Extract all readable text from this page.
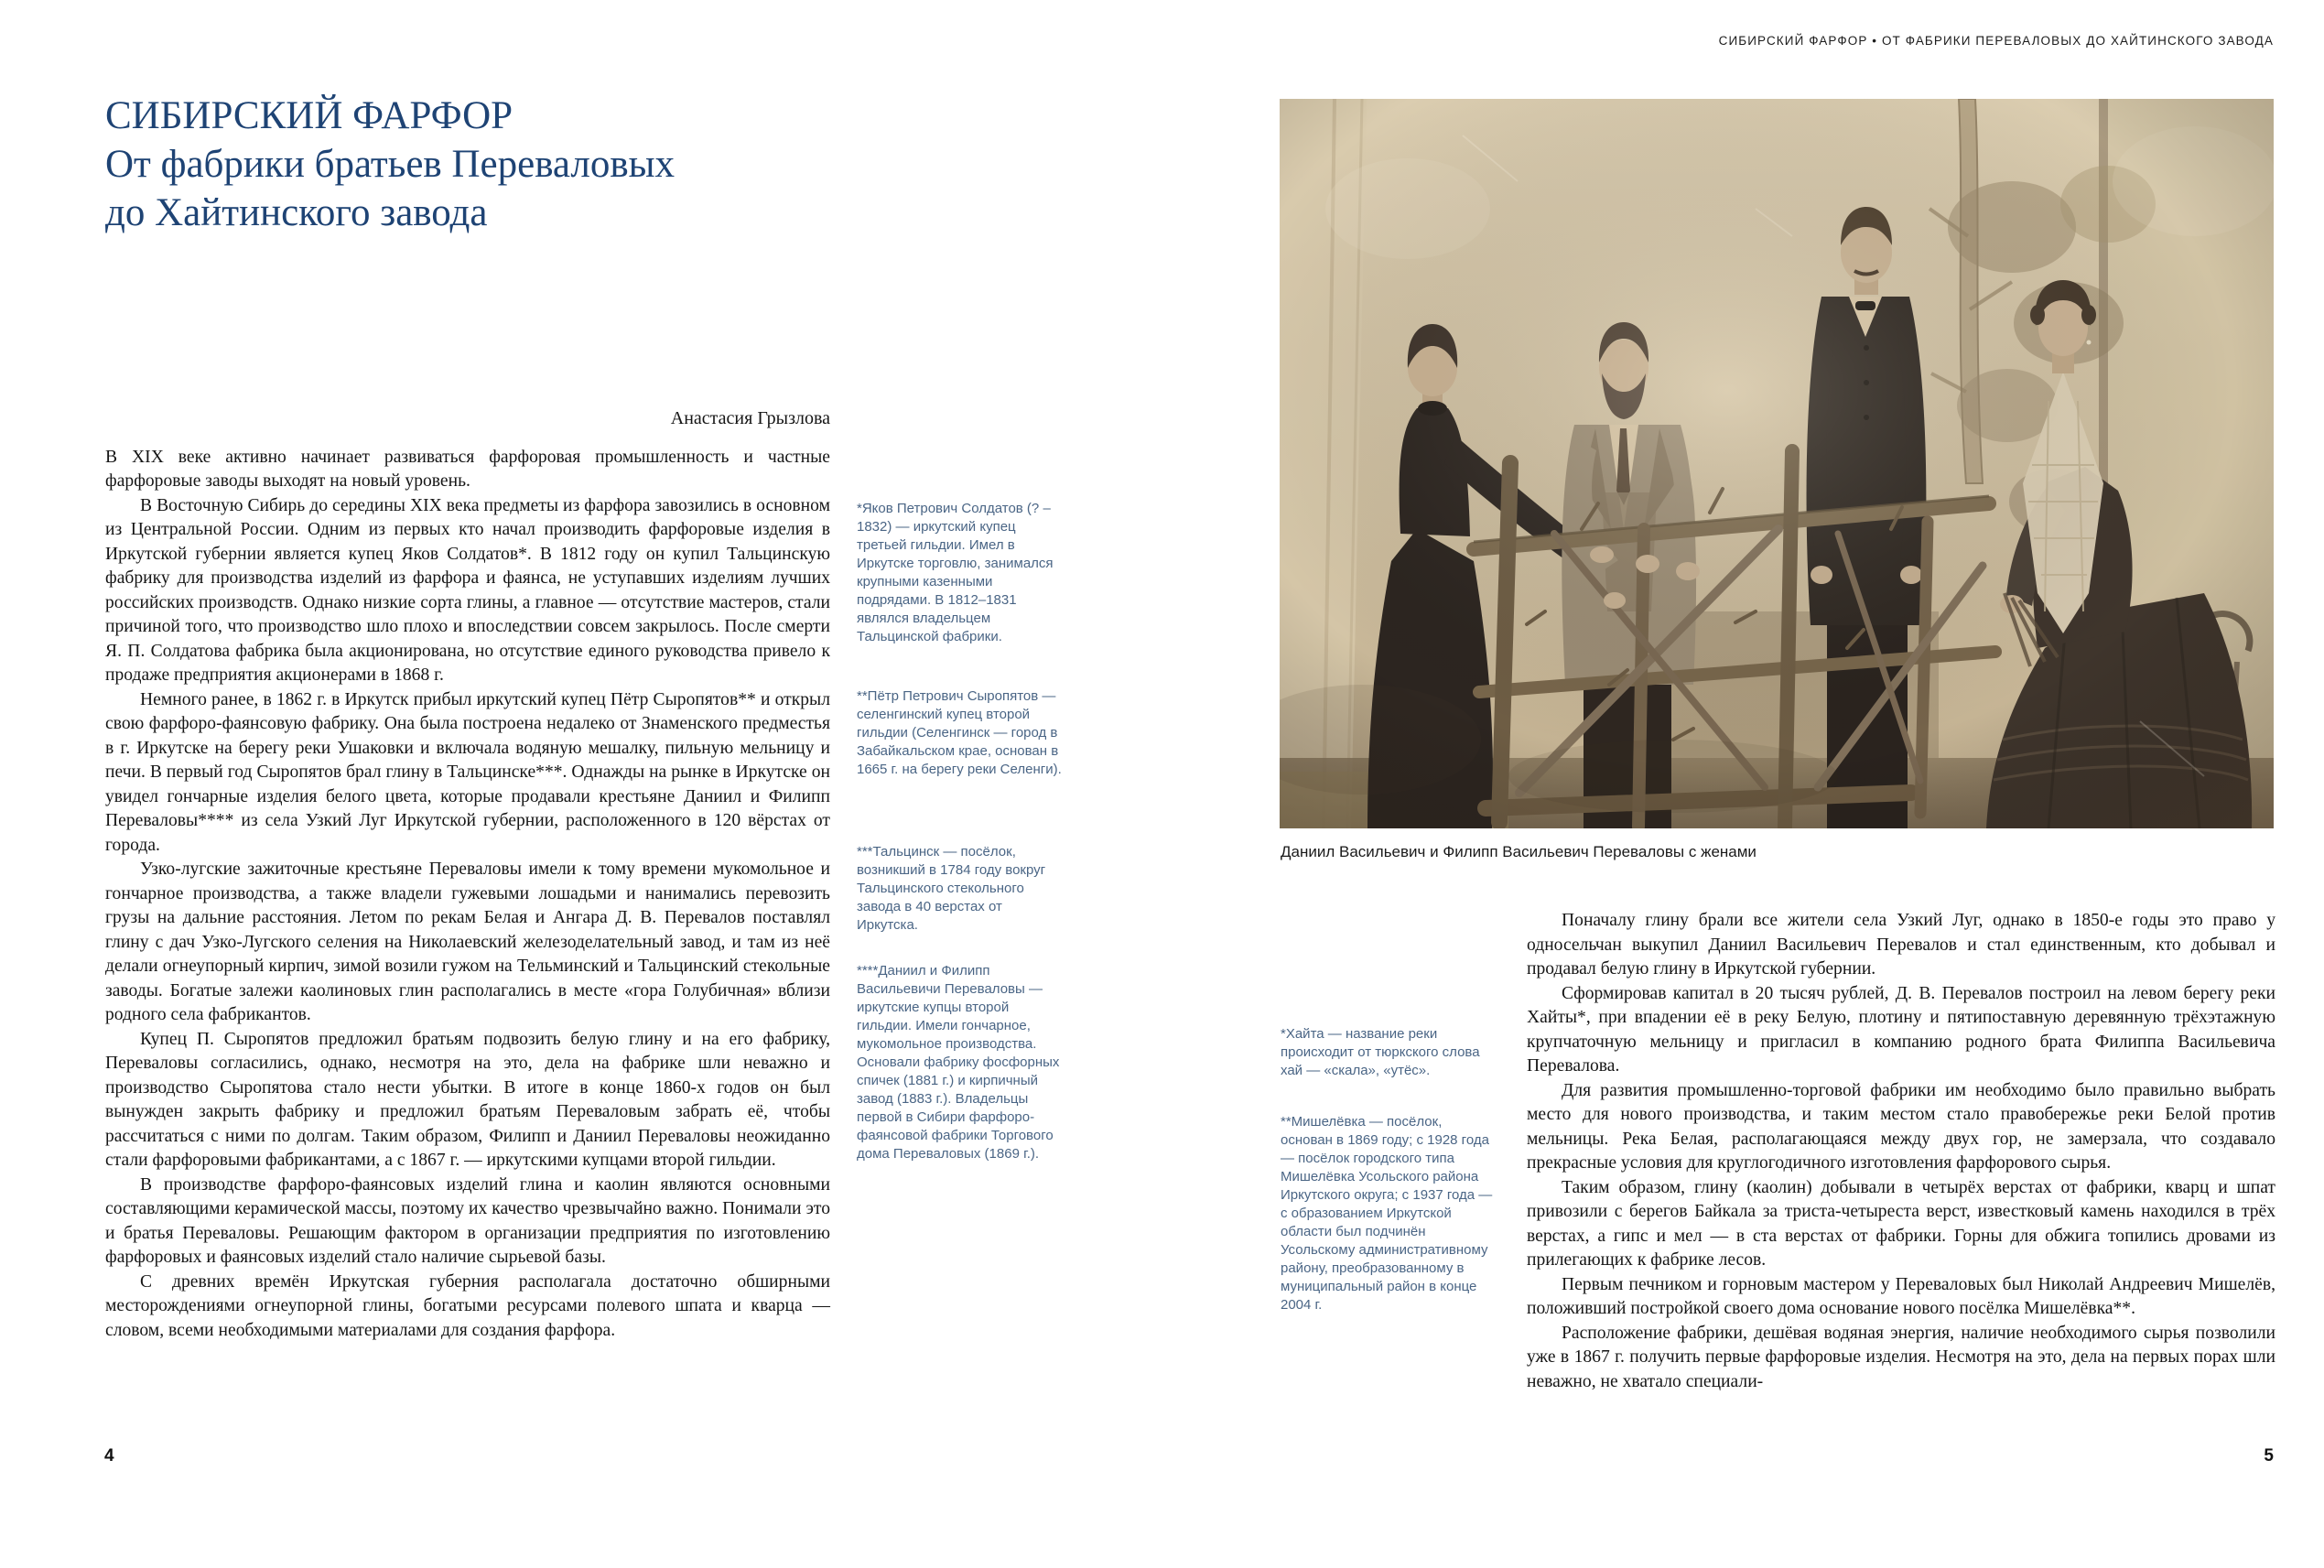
СИБИРСКИЙ ФАРФОР • ОТ ФАБРИКИ ПЕРЕВАЛОВЫХ ДО ХАЙТИНСКОГО ЗАВОДА
СИБИРСКИЙ ФАРФОР
От фабрики братьев Переваловых
до Хайтинского завода
Анастасия Грызлова

В XIX веке активно начинает развиваться фарфоровая промышленность и частные фарфоровые заводы выходят на новый уровень.

В Восточную Сибирь до середины XIX века предметы из фарфора завозились в основном из Центральной России. Одним из первых кто начал производить фарфоровые изделия в Иркутской губернии является купец Яков Солдатов*. В 1812 году он купил Тальцинскую фабрику для производства изделий из фарфора и фаянса, не уступавших изделиям лучших российских производств. Однако низкие сорта глины, а главное — отсутствие мастеров, стали причиной того, что производство шло плохо и впоследствии совсем закрылось. После смерти Я. П. Солдатова фабрика была акционирована, но отсутствие единого руководства привело к продаже предприятия акционерами в 1868 г.

Немного ранее, в 1862 г. в Иркутск прибыл иркутский купец Пётр Сыропятов** и открыл свою фарфоро-фаянсовую фабрику. Она была построена недалеко от Знаменского предместья в г. Иркутске на берегу реки Ушаковки и включала водяную мешалку, пильную мельницу и печи. В первый год Сыропятов брал глину в Тальцинске***. Однажды на рынке в Иркутске он увидел гончарные изделия белого цвета, которые продавали крестьяне Даниил и Филипп Переваловы**** из села Узкий Луг Иркутской губернии, расположенного в 120 вёрстах от города.

Узко-лугские зажиточные крестьяне Переваловы имели к тому времени мукомольное и гончарное производства, а также владели гужевыми лошадьми и нанимались перевозить грузы на дальние расстояния. Летом по рекам Белая и Ангара Д. В. Перевалов поставлял глину с дач Узко-Лугского селения на Николаевский железоделательный завод, и там из неё делали огнеупорный кирпич, зимой возили гужом на Тельминский и Тальцинский стекольные заводы. Богатые залежи каолиновых глин располагались в месте «гора Голубичная» вблизи родного села фабрикантов.

Купец П. Сыропятов предложил братьям подвозить белую глину и на его фабрику, Переваловы согласились, однако, несмотря на это, дела на фабрике шли неважно и производство Сыропятова стало нести убытки. В итоге в конце 1860-х годов он был вынужден закрыть фабрику и предложил братьям Переваловым забрать её, чтобы рассчитаться с ними по долгам. Таким образом, Филипп и Даниил Переваловы неожиданно стали фарфоровыми фабрикантами, а с 1867 г. — иркутскими купцами второй гильдии.

В производстве фарфоро-фаянсовых изделий глина и каолин являются основными составляющими керамической массы, поэтому их качество чрезвычайно важно. Понимали это и братья Переваловы. Решающим фактором в организации предприятия по изготовлению фарфоровых и фаянсовых изделий стало наличие сырьевой базы.

С древних времён Иркутская губерния располагала достаточно обширными месторождениями огнеупорной глины, богатыми ресурсами полевого шпата и кварца — словом, всеми необходимыми материалами для создания фарфора.

*Яков Петрович Солдатов (? – 1832) — иркутский купец третьей гильдии. Имел в Иркутске торговлю, занимался крупными казенными подрядами. В 1812–1831 являлся владельцем Тальцинской фабрики.
**Пётр Петрович Сыропятов — селенгинский купец второй гильдии (Селенгинск — город в Забайкальском крае, основан в 1665 г. на берегу реки Селенги).
***Тальцинск — посёлок, возникший в 1784 году вокруг Тальцинского стекольного завода в 40 верстах от Иркутска.
****Даниил и Филипп Васильевичи Переваловы — иркутские купцы второй гильдии. Имели гончарное, мукомольное производства. Основали фабрику фосфорных спичек (1881 г.) и кирпичный завод (1883 г.). Владельцы первой в Сибири фарфоро-фаянсовой фабрики Торгового дома Переваловых (1869 г.).
4
Даниил Васильевич и Филипп Васильевич Переваловы с женами
*Хайта — название реки происходит от тюркского слова хай — «скала», «утёс».
**Мишелёвка — посёлок, основан в 1869 году; с 1928 года — посёлок городского типа Мишелёвка Усольского района Иркутского округа; с 1937 года — с образованием Иркутской области был подчинён Усольскому административному району, преобразованному в муниципальный район в конце 2004 г.

Поначалу глину брали все жители села Узкий Луг, однако в 1850-е годы это право у односельчан выкупил Даниил Васильевич Перевалов и стал единственным, кто добывал и продавал белую глину в Иркутской губернии.

Сформировав капитал в 20 тысяч рублей, Д. В. Перевалов построил на левом берегу реки Хайты*, при впадении её в реку Белую, плотину и пятипоставную деревянную трёхэтажную крупчаточную мельницу и пригласил в компанию родного брата Филиппа Васильевича Перевалова.

Для развития промышленно-торговой фабрики им необходимо было правильно выбрать место для нового производства, и таким местом стало правобережье реки Белой против мельницы. Река Белая, располагающаяся между двух гор, не замерзала, что создавало прекрасные условия для круглогодичного изготовления фарфорового сырья.

Таким образом, глину (каолин) добывали в четырёх верстах от фабрики, кварц и шпат привозили с берегов Байкала за триста-четыреста верст, известковый камень находился в трёх верстах, а гипс и мел — в ста верстах от фабрики. Горны для обжига топились дровами из прилегающих к фабрике лесов.

Первым печником и горновым мастером у Переваловых был Николай Андреевич Мишелёв, положивший постройкой своего дома основание нового посёлка Мишелёвка**.

Расположение фабрики, дешёвая водяная энергия, наличие необходимого сырья позволили уже в 1867 г. получить первые фарфоровые изделия. Несмотря на это, дела на первых порах шли неважно, не хватало специали-

5
